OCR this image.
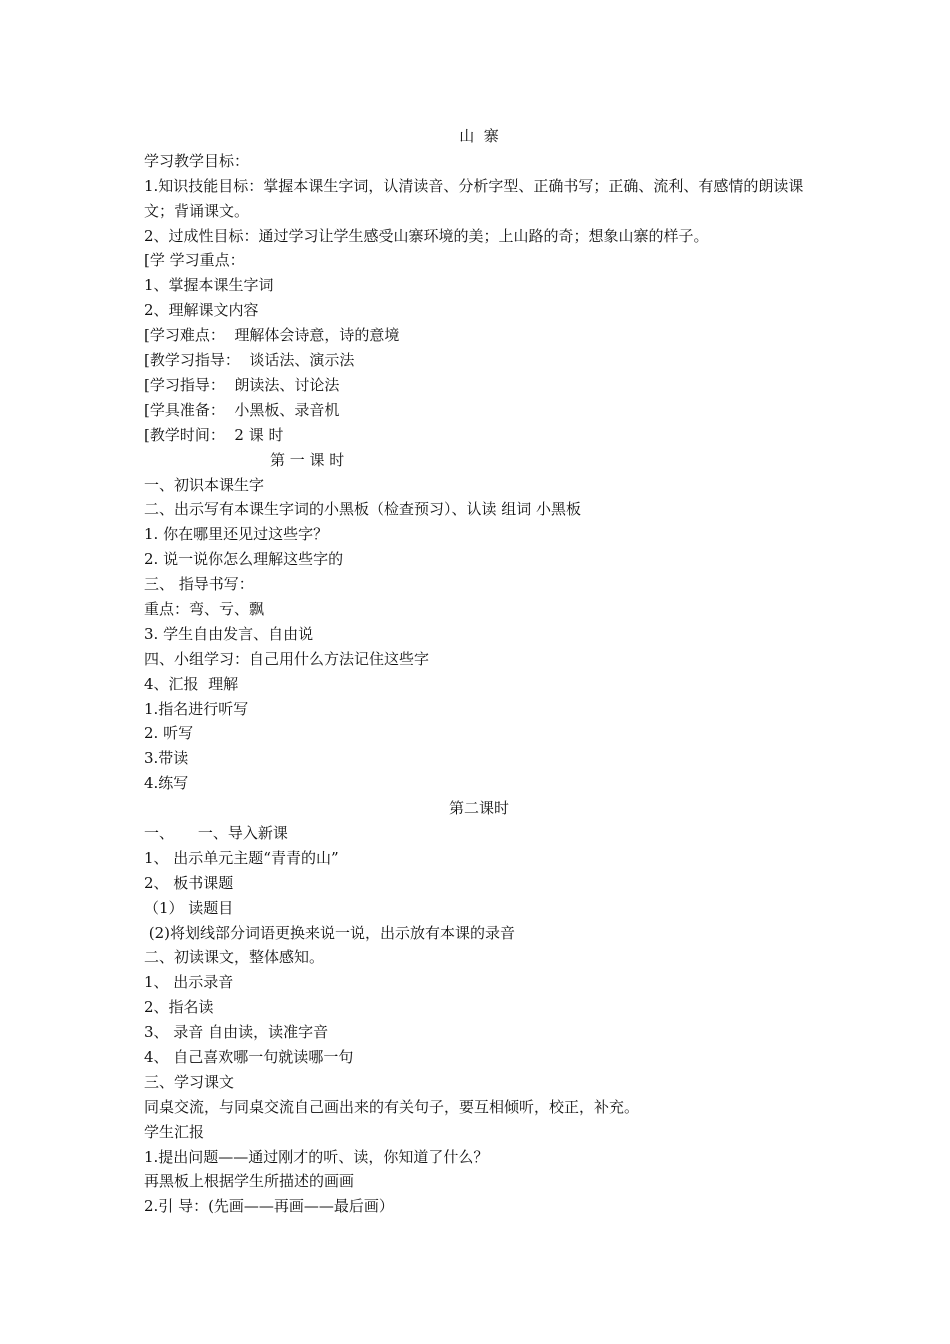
山  寨
学习教学目标：
1.知识技能目标：掌握本课生字词，认清读音、分析字型、正确书写；正确、流利、有感情的朗读课文；背诵课文。
2、过成性目标：通过学习让学生感受山寨环境的美；上山路的奇；想象山寨的样子。
[学 学习重点：
1、掌握本课生字词
2、理解课文内容
[学习难点：  理解体会诗意，诗的意境
[教学习指导：  谈话法、演示法
[学习指导：  朗读法、讨论法
[学具准备：  小黑板、录音机
[教学时间：  2 课 时
第 一 课 时
一、初识本课生字
二、出示写有本课生字词的小黑板（检查预习）、认读 组词 小黑板
1. 你在哪里还见过这些字？
2. 说一说你怎么理解这些字的
三、 指导书写：
重点：弯、亏、飘
3. 学生自由发言、自由说
四、小组学习：自己用什么方法记住这些字
4、汇报  理解
1.指名进行听写
2. 听写
3.带读
4.练写
第二课时
一、     一、导入新课
1、 出示单元主题“青青的山”
2、 板书课题
（1） 读题目
(2)将划线部分词语更换来说一说，出示放有本课的录音
二、初读课文，整体感知。
1、 出示录音
2、指名读
3、 录音 自由读，读准字音
4、 自己喜欢哪一句就读哪一句
三、学习课文
同桌交流，与同桌交流自己画出来的有关句子，要互相倾听，校正，补充。
学生汇报
1.提出问题——通过刚才的听、读，你知道了什么？
再黑板上根据学生所描述的画画
2.引 导：(先画——再画——最后画）
